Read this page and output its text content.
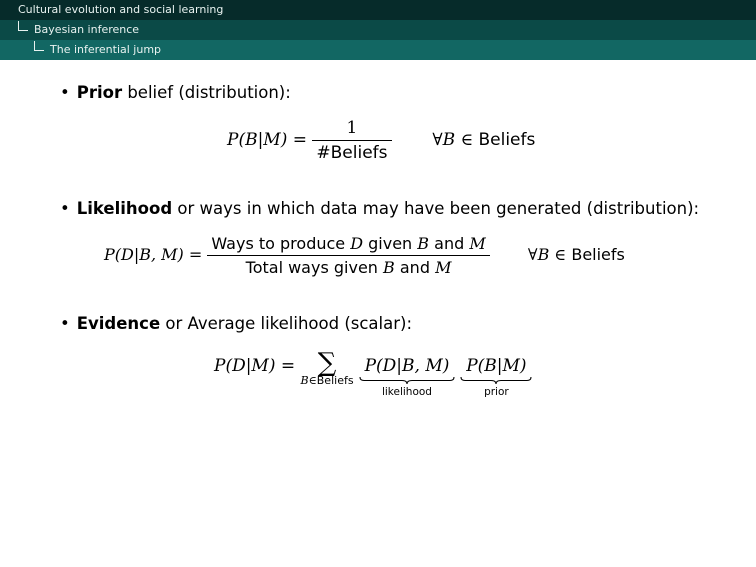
Cultural evolution and social learning
Bayesian inference
The inferential jump
• Prior belief (distribution):
$P(B|M) = \frac{1}{\text{\#Beliefs}}$ ∀B ∈ Beliefs
• Likelihood or ways in which data may have been generated (distribution):
P(D|B, $M) = \frac{\text{Ways to produce D given B and M}}{\text{Total ways given B and M}}$ ∀B ∈ Beliefs
• Evidence or Average likelihood (scalar):
P(D|M) = ∑
B∈Beliefs

P(D|B, M)
likelihood

P(B|M)
prior
